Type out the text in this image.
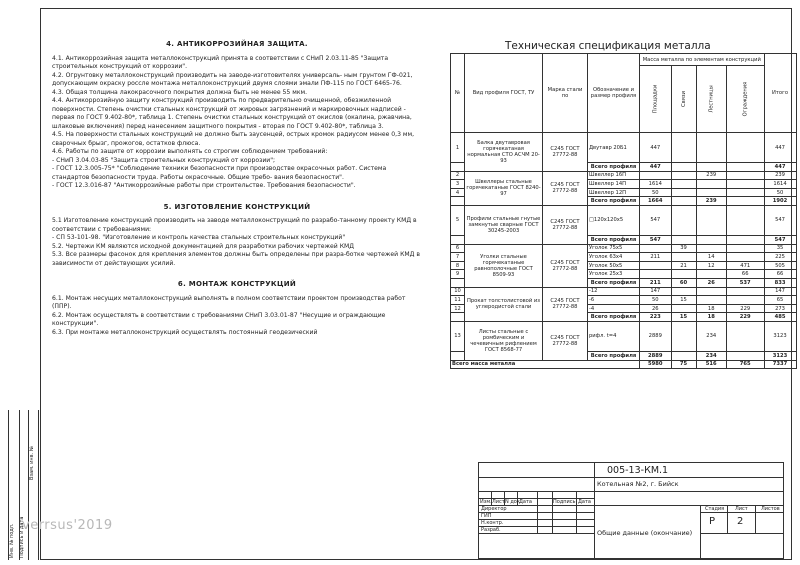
Инв. № подл. Подпись и дата
Взам. инв. №
verrsus'2019
4. АНТИКОРРОЗИЙНАЯ ЗАЩИТА.

4.1. Антикоррозийная защита металлоконструкций принята в соответствии с СНиП 2.03.11-85 "Защита строительных конструкций от коррозии".

4.2. Огрунтовку металлоконструкций производить на заводе-изготовителях универсаль- ным грунтом ГФ-021, допускающим окраску россле монтажа металлоконструкций двумя слоями эмали ПФ-115 по ГОСТ 6465-76.

4.3. Общая толщина лакокрасочного покрытия должна быть не менее 55 мкм.

4.4. Антикоррозийную защиту конструкций производить по предварительно очищенной, обезжиленной поверхности. Степень очистки стальных конструкций от жировых загрязнений и маркировочных надписей - первая по ГОСТ 9.402-80*, таблица 1. Степень очистки стальных конструкций от окислов (окалина, ржавчина, шлаковые включения) перед нанесением защитного покрытия - вторая по ГОСТ 9.402-80*, таблица 3.

4.5. На поверхности стальных конструкций не должно быть заусенцей, острых кромок радиусом менее 0,3 мм, сварочных брызг, прожогов, остатков флюса.

4.6. Работы по защите от коррозии выполнять со строгим соблюдением требований:

- СНиП 3.04.03-85 "Защита строительных конструкций от коррозии";

- ГОСТ 12.3.005-75* "Соблюдение техники безопасности при производстве окрасочных работ. Система стандартов безопасности труда. Работы окрасочные. Общие требо- вания безопасности".

- ГОСТ 12.3.016-87 "Антикоррозийные работы при строительстве. Требования безопасности".

5. ИЗГОТОВЛЕНИЕ КОНСТРУКЦИЙ

5.1 Изготовление конструкций производить на заводе металлоконструкций по разрабо-танному проекту КМД в соответствии с требованиями:

- СП 53-101-98. "Изготовление и контроль качества стальных строительных конструкций"

5.2. Чертежи КМ являются исходной документацией для разработки рабочих чертежей КМД

5.3. Все размеры фасонок для крепления элементов должны быть определены при разра-ботке чертежей КМД в зависимости от действующих усилий.

6. МОНТАЖ КОНСТРУКЦИЙ

6.1. Монтаж несущих металлоконструкций выполнять в полном соответствии проектом производства работ (ППР).

6.2. Монтаж осуществлять в соответствии с требованиями СНиП 3.03.01-87 "Несущие и ограждающие конструкции".

6.3. При монтаже металлоконструкций осуществлять постоянный геодезический

Техническая спецификация металла
№	Вид профиля ГОСТ, ТУ	Марка стали по	Обозначение и размер профиля	Масса металла по элементам конструкций				Итого
				Площадки	Связи	Лестницы	Ограждения	
1	Балка двутавровая горячекатаная нормальная СТО АСЧМ 20-93	С245 ГОСТ 27772-88	Двутавр 20Б1	447				447
			Всего профиля	447				447
2	Швеллеры стальные горячекатаные ГОСТ 8240-97	С245 ГОСТ 27772-88	Швеллер 16П			239		239
3			Швеллер 14П	1614				1614
4			Швеллер 12П	50				50
			Всего профиля	1664		239		1902
5	Профили стальные гнутые замкнутые сварные ГОСТ 30245-2003	С245 ГОСТ 27772-88	□120х120х5	547				547
			Всего профиля	547				547
6	Уголки стальные горячекатаные равнополочные ГОСТ 8509-93	С245 ГОСТ 27772-88	Уголок 75х5		39			35
7			Уголок 63х4	211		14		225
8			Уголок 50х5		21	12	471	505
9			Уголок 25х3				66	66
			Всего профиля	211	60	26	537	833
10	Прокат толстолистовой из углеродистой стали	С245 ГОСТ 27772-88	-12	147				147
11			-6	50	15			65
12			-4	26		18	229	273
			Всего профиля	223	15	18	229	485
13	Листы стальные с ромбическим и чечевичным рифлением ГОСТ 8568-77	С245 ГОСТ 27772-88	рифл. t=4	2889		234		3123
			Всего профиля	2889		234		3123
Всего масса металла				5980	75	516	765	7337
Изм. Лист N док Дата	Подпись Дата
Директор
ГИП
Н.контр.
Разраб.
005-13-КМ.1
Котельная №2, г. Бийск
Общие данные (окончание)
Стадия Лист	Листов
Р 2
